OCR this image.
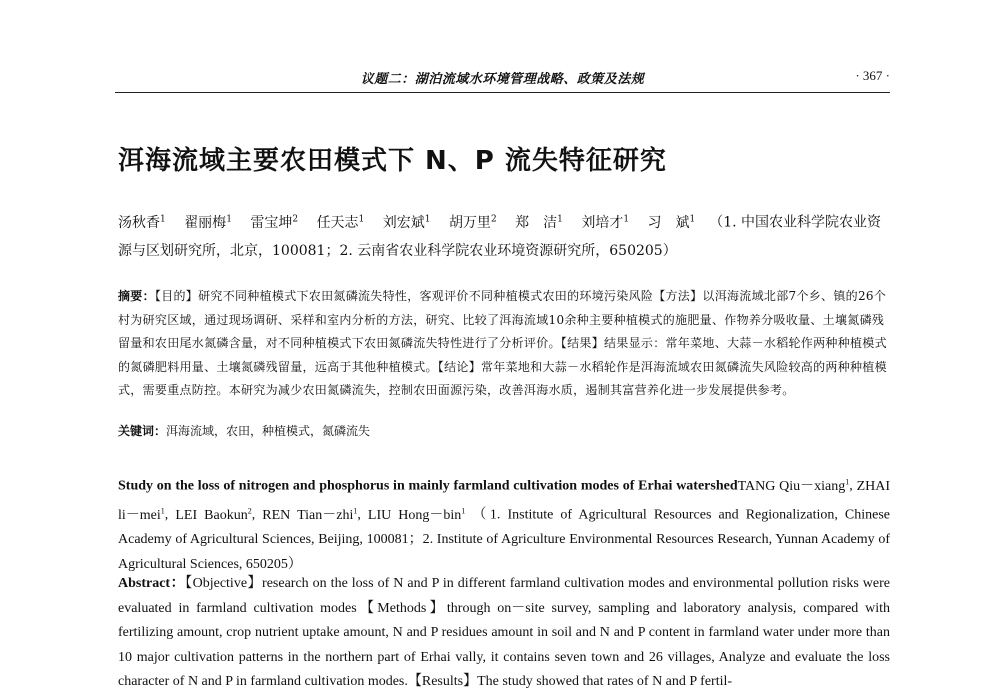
议题二：湖泊流域水环境管理战略、政策及法规	· 367 ·
洱海流域主要农田模式下 N、P 流失特征研究
汤秋香$^1$ 翟丽梅$^1$ 雷宝坤$^2$ 任天志$^1$ 刘宏斌$^1$ 胡万里$^2$ 郑　洁$^1$ 刘培才$^1$ 习　斌$^1$ （1. 中国农业科学院农业资源与区划研究所，北京，100081；2. 云南省农业科学院农业环境资源研究所，650205）
摘要：【目的】研究不同种植模式下农田氮磷流失特性，客观评价不同种植模式农田的环境污染风险【方法】以洱海流域北部7个乡、镇的26个村为研究区域，通过现场调研、采样和室内分析的方法，研究、比较了洱海流域10余种主要种植模式的施肥量、作物养分吸收量、土壤氮磷残留量和农田尾水氮磷含量，对不同种植模式下农田氮磷流失特性进行了分析评价。【结果】结果显示：常年菜地、大蒜－水稻轮作两种种植模式的氮磷肥料用量、土壤氮磷残留量，远高于其他种植模式。【结论】常年菜地和大蒜－水稻轮作是洱海流域农田氮磷流失风险较高的两种种植模式，需要重点防控。本研究为减少农田氮磷流失，控制农田面源污染，改善洱海水质，遏制其富营养化进一步发展提供参考。
关键词：洱海流域，农田，种植模式，氮磷流失
Study on the loss of nitrogen and phosphorus in mainly farmland cultivation modes of Erhai watershedTANG Qiu－xiang$^1$, ZHAI li－mei$^1$, LEI Baokun$^2$, REN Tian－zhi$^1$, LIU Hong－bin$^1$ （1. Institute of Agricultural Resources and Regionalization, Chinese Academy of Agricultural Sciences, Beijing, 100081；2. Institute of Agriculture Environmental Resources Research, Yunnan Academy of Agricultural Sciences, 650205）
Abstract：【Objective】research on the loss of N and P in different farmland cultivation modes and environmental pollution risks were evaluated in farmland cultivation modes【Methods】through on－site survey, sampling and laboratory analysis, compared with fertilizing amount, crop nutrient uptake amount, N and P residues amount in soil and N and P content in farmland water under more than 10 major cultivation patterns in the northern part of Erhai vally, it contains seven town and 26 villages, Analyze and evaluate the loss character of N and P in farmland cultivation modes.【Results】The study showed that rates of N and P fertil-
